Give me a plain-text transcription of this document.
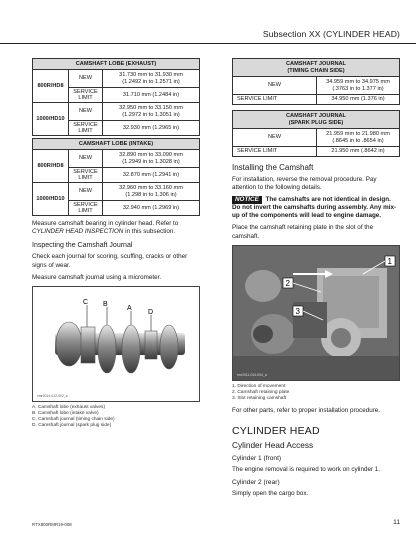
Subsection XX (CYLINDER HEAD)
CAMSHAFT LOBE (EXHAUST)		
800R/HD8	NEW	31.730 mm to 31.930 mm
(1.2492 in to 1.2571 in)
	SERVICE
LIMIT	31.710 mm (1.2484 in)
1000/HD10	NEW	32.950 mm to 33.150 mm
(1.2972 in to 1.3051 in)
	SERVICE
LIMIT	32.930 mm (1.2965 in)
CAMSHAFT LOBE (INTAKE)		
800R/HD8	NEW	32.890 mm to 33.090 mm
(1.2949 in to 1.3028 in)
	SERVICE
LIMIT	32.870 mm (1.2941 in)
1000/HD10	NEW	32.960 mm to 33.160 mm
(1.298 in to 1.306 in)
	SERVICE
LIMIT	32.940 mm (1.2969 in)

Measure camshaft bearing in cylinder head. Refer to CYLINDER HEAD INSPECTION in this subsection.

Inspecting the Camshaft Journal

Check each journal for scoring, scuffing, cracks or other signs of wear.

Measure camshaft journal using a micrometer.

C B
A
D
vmr2014-012-002_a
A. Camshaft lobe (exhaust valves)
B. Camshaft lobe (intake valve)
C. Camshaft journal (timing chain side)
D. Camshaft journal (spark plug side)
CAMSHAFT JOURNAL
(TIMING CHAIN SIDE)	
NEW	34.959 mm to 34.975 mm
(.3763 in to 1.377 in)
SERVICE LIMIT	34.950 mm (1.376 in)
CAMSHAFT JOURNAL
(SPARK PLUG SIDE)	
NEW	21.959 mm to 21.980 mm
(.8645 in to .8654 in)
SERVICE LIMIT	21.950 mm (.8642 in)
Installing the Camshaft

For installation, reverse the removal procedure. Pay attention to the following details.

NOTICE The camshafts are not identical in design. Do not invert the camshafts during assembly. Any mix-up of the components will lead to engine damage.

Place the camshaft retaining plate in the slot of the camshaft.

1
2
3
rmr2011-014-004_a
1. Direction of movement
2. Camshaft retaining plate
3. Slot retaining camshaft

For other parts, refer to proper installation procedure.

CYLINDER HEAD
Cylinder Head Access
Cylinder 1 (front)

The engine removal is required to work on cylinder 1.

Cylinder 2 (rear)

Simply open the cargo box.

RTX800RMR19-008	11
